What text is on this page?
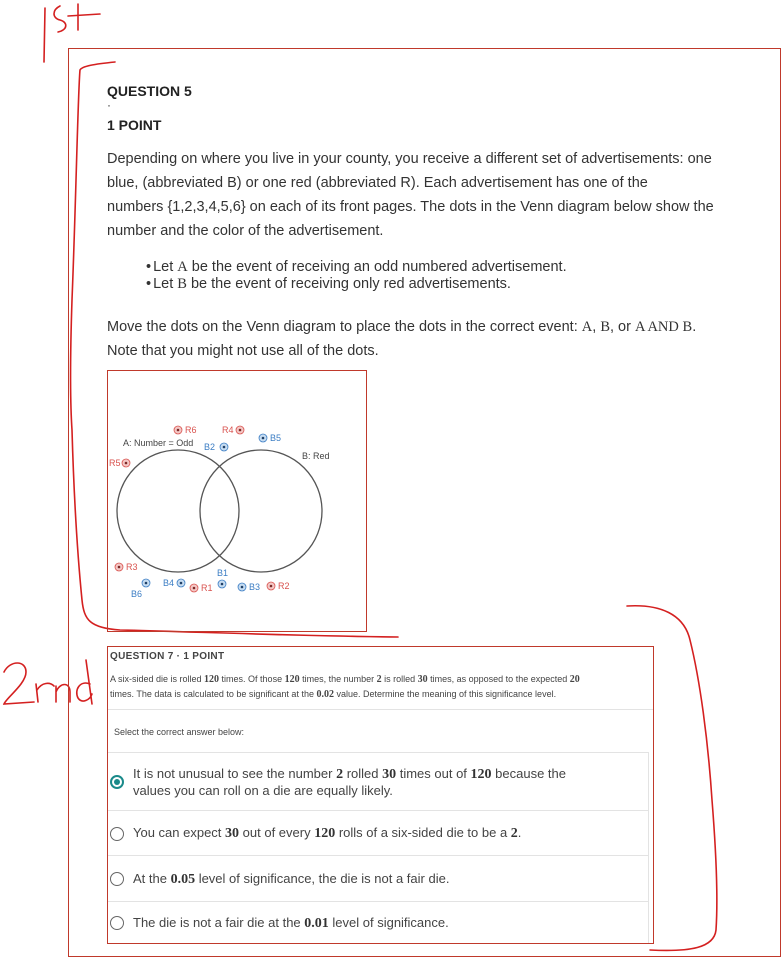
1st
2nd
QUESTION 5
·
1 POINT
Depending on where you live in your county, you receive a different set of advertisements: one
blue, (abbreviated B) or one red (abbreviated R). Each advertisement has one of the
numbers {1,2,3,4,5,6} on each of its front pages. The dots in the Venn diagram below show the
number and the color of the advertisement.
• Let A be the event of receiving an odd numbered advertisement.
• Let B be the event of receiving only red advertisements.
Move the dots on the Venn diagram to place the dots in the correct event: A, B, or A AND B.
Note that you might not use all of the dots.
A: Number = Odd
B: Red
R6	R4
R5
R3
R1	R2
B5
B2
B6
B4
B1
B3
QUESTION 7 · 1 POINT
A six-sided die is rolled 120 times. Of those 120 times, the number 2 is rolled 30 times, as opposed to the expected 20
times. The data is calculated to be significant at the 0.02 value. Determine the meaning of this significance level.
Select the correct answer below:
It is not unusual to see the number 2 rolled 30 times out of 120 because the
values you can roll on a die are equally likely.
You can expect 30 out of every 120 rolls of a six-sided die to be a 2.
At the 0.05 level of significance, the die is not a fair die.
The die is not a fair die at the 0.01 level of significance.
